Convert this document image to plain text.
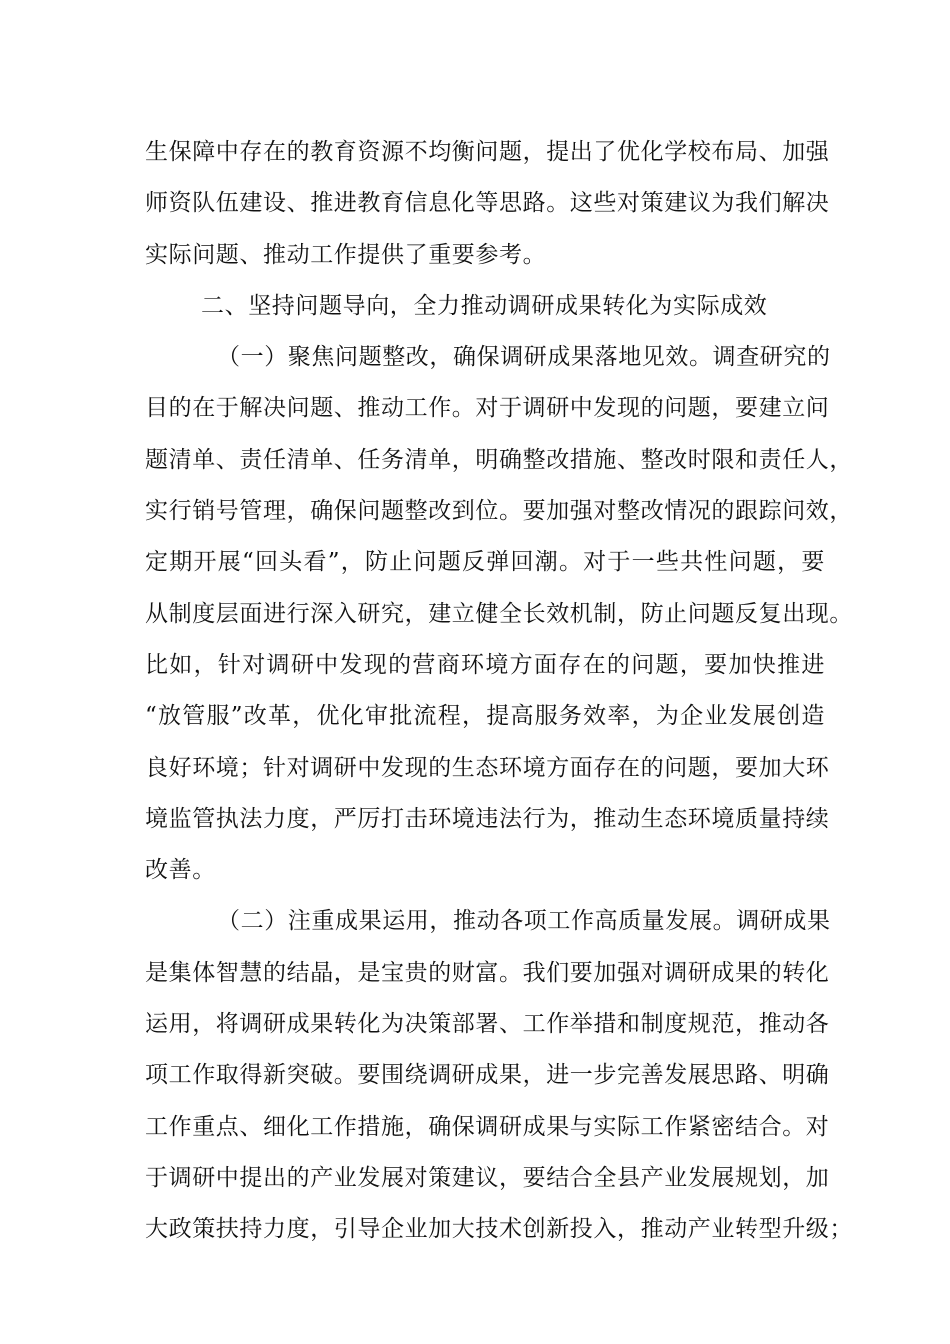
生保障中存在的教育资源不均衡问题，提出了优化学校布局、加强
师资队伍建设、推进教育信息化等思路。这些对策建议为我们解决
实际问题、推动工作提供了重要参考。
二、坚持问题导向，全力推动调研成果转化为实际成效
（一）聚焦问题整改，确保调研成果落地见效。调查研究的
目的在于解决问题、推动工作。对于调研中发现的问题，要建立问
题清单、责任清单、任务清单，明确整改措施、整改时限和责任人，
实行销号管理，确保问题整改到位。要加强对整改情况的跟踪问效，
定期开展“回头看”，防止问题反弹回潮。对于一些共性问题，要
从制度层面进行深入研究，建立健全长效机制，防止问题反复出现。
比如，针对调研中发现的营商环境方面存在的问题，要加快推进
“放管服”改革，优化审批流程，提高服务效率，为企业发展创造
良好环境；针对调研中发现的生态环境方面存在的问题，要加大环
境监管执法力度，严厉打击环境违法行为，推动生态环境质量持续
改善。
（二）注重成果运用，推动各项工作高质量发展。调研成果
是集体智慧的结晶，是宝贵的财富。我们要加强对调研成果的转化
运用，将调研成果转化为决策部署、工作举措和制度规范，推动各
项工作取得新突破。要围绕调研成果，进一步完善发展思路、明确
工作重点、细化工作措施，确保调研成果与实际工作紧密结合。对
于调研中提出的产业发展对策建议，要结合全县产业发展规划，加
大政策扶持力度，引导企业加大技术创新投入，推动产业转型升级；
